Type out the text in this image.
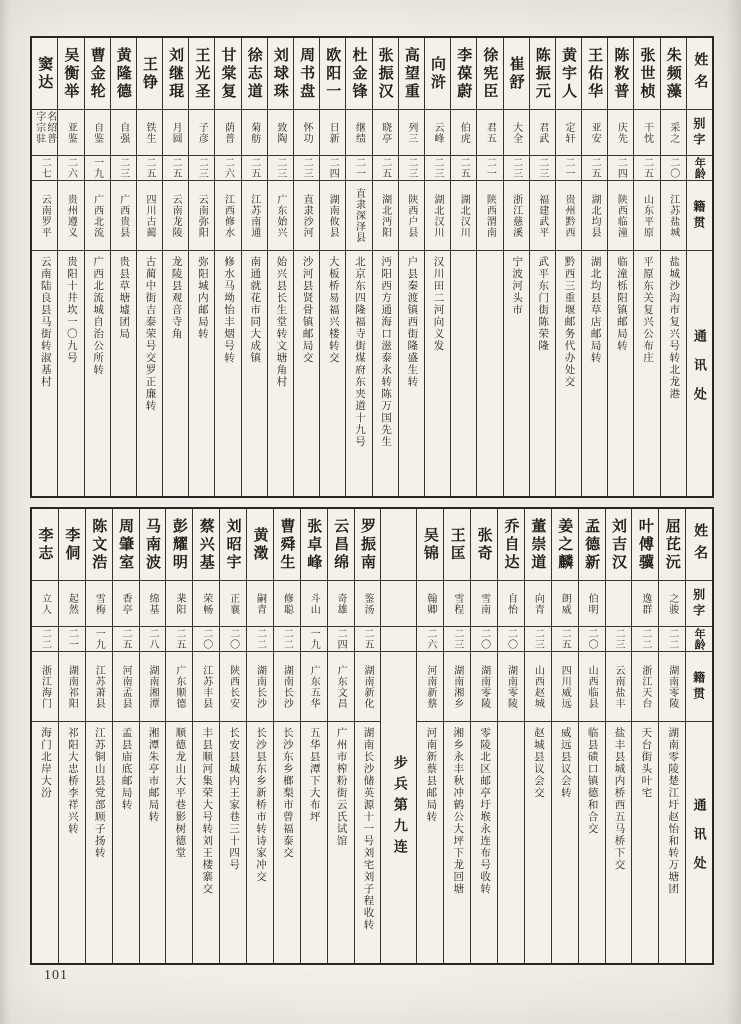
姓名
别字
年龄
籍贯
通讯处
朱频藻
采之
二〇
江苏盐城
盐城沙沟市复兴号转北龙港
张世桢
干忱
二五
山东平原
平原东关复兴公布庄
陈敉普
庆先
二四
陕西临潼
临潼栎阳镇邮局转
王佑华
亚安
二五
湖北均县
湖北均县草店邮局转
黄宇人
定轩
二一
贵州黔西
黔西三重堰邮务代办处交
陈振元
君武
二三
福建武平
武平东门街陈荣隆
崔舒
大全
二三
浙江慈溪
宁波河头市
徐宪臣
君五
二一
陕西渭南
李葆蔚
伯虎
二五
湖北汉川
向浒
云峰
二三
湖北汉川
汉川田二河向义发
高望重
列三
二三
陕西户县
户县秦渡镇西街隆盛生转
张振汉
晓亭
二五
湖北沔阳
沔阳西方通海口滋泰永转陈万国先生
杜金锋
继绩
二一
直隶深泽县
北京东四隆福寺街煤府东夹道十九号
欧阳一
日新
二四
湖南攸县
大板桥易福兴楼转交
周书盘
怀功
二三
直隶沙河
沙河县贤骨镇邮局交
刘球珠
致陶
二三
广东始兴
始兴县长生堂转文塘角村
徐志道
菊舫
二五
江苏南通
南通就花市同大成镇
甘棠复
荫普
二六
江西修水
修水马坳怡丰烟号转
王光圣
子彦
二三
云南弥阳
弥阳城内邮局转
刘继琨
月圆
二五
云南龙陵
龙陵县观音寺角
王铮
铁生
二五
四川古蔺
古蔺中街吉泰荣号交罗正廉转
黄隆德
自强
二三
广西贵县
贵县草塘墟团局
曹金轮
自鉴
一九
广西北流
广西北流城自治公所转
吴衡举
亚鉴
二六
贵州遵义
贵阳十井坎一〇九号
窦达
名绍普字宗驻
二七
云南罗平
云南陆良县马街转淑基村
姓名
别字
年龄
籍贯
通讯处
屈芘沅
之骏
二二
湖南零陵
湖南零陵楚江圩赵怡和转万塘团
叶傅骥
逸群
二二
浙江天台
天台街头叶宅
刘吉汉
二三
云南盐丰
盐丰县城内桥西五马桥下交
孟德新
伯明
二〇
山西临县
临县碛口镇德和合交
姜之麟
朗威
二五
四川威远
威远县议会转
董崇道
向青
二三
山西赵城
赵城县议会交
乔自达
自怡
二〇
湖南零陵
张奇
雪南
二〇
湖南零陵
零陵北区邮亭圩堠永连布号收转
王匡
雪程
二三
湖南湘乡
湘乡永丰秋冲鹤公大坪下龙回塘
吴锦
翰卿
二六
河南新蔡
河南新蔡县邮局转
步兵第九连
罗振南
鉴汤
二五
湖南新化
湖南长沙储英源十一号刘宅刘子程收转
云昌绵
奇雄
二四
广东文昌
广州市榨粉街云氏试馆
张卓峰
斗山
一九
广东五华
五华县潭下大布坪
曹舜生
修聪
二二
湖南长沙
长沙东乡榔梨市曾福泰交
黄澂
嗣青
二二
湖南长沙
长沙县东乡新桥市转诗家冲交
刘昭宇
正襄
二〇
陕西长安
长安县城内王家巷三十四号
蔡兴基
荣畅
二〇
江苏丰县
丰县顺河集荣大号转刘王楼寨交
彭耀明
棐阳
二五
广东顺德
顺德龙山大平巷影树德堂
马南波
绵基
二八
湖南湘潭
湘潭朱亭市邮局转
周肇室
香亭
二五
河南孟县
孟县庙底邮局转
陈文浩
雪梅
一九
江苏萧县
江苏铜山县党部顾子扬转
李侗
起然
二一
湖南祁阳
祁阳大忠桥李祥兴转
李志
立人
二二
浙江海门
海门北岸大汾
101
